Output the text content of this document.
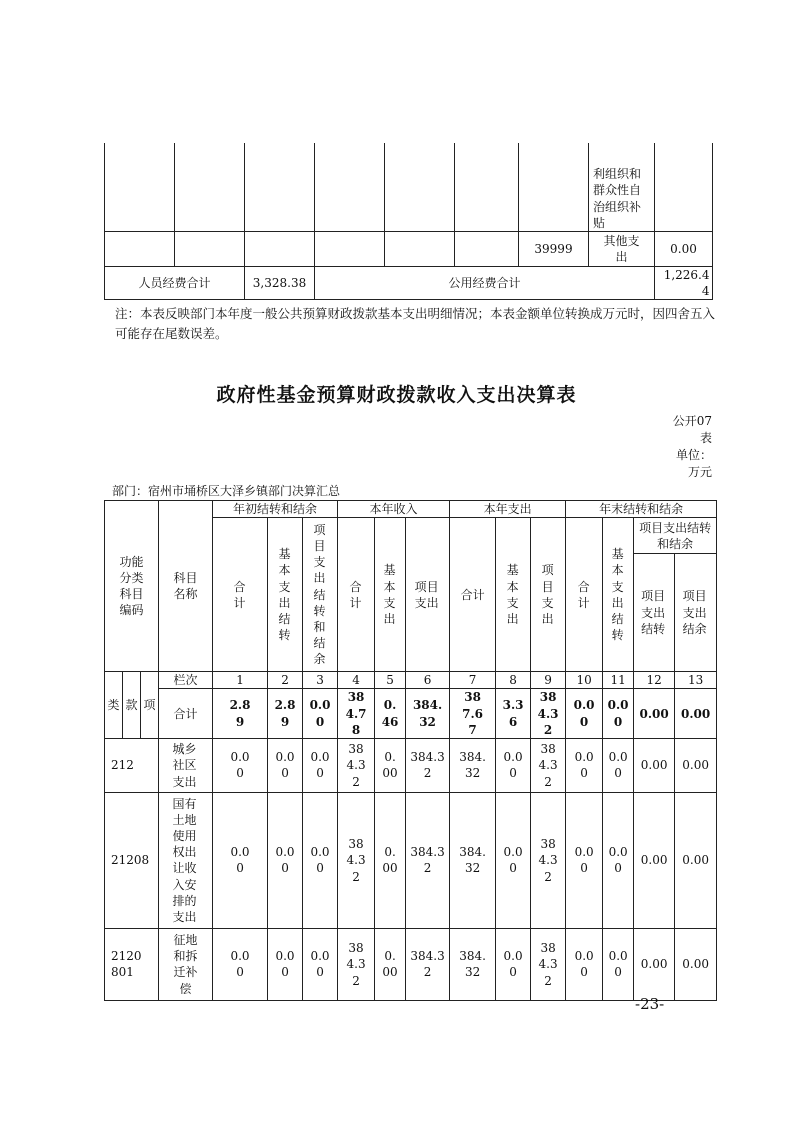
							利组织和群众性自治组织补贴	
						39999	其他支出	0.00
人员经费合计		3,328.38	公用经费合计					1,226.44
注：本表反映部门本年度一般公共预算财政拨款基本支出明细情况；本表金额单位转换成万元时，因四舍五入可能存在尾数误差。
政府性基金预算财政拨款收入支出决算表
公开07表
单位：万元
部门：宿州市埇桥区大泽乡镇部门决算汇总
功能分类科目编码			科目名称	年初结转和结余			本年收入			本年支出			年末结转和结余			
				合计	基本支出结转	项目支出结转和结余	合计	基本支出	项目支出	合计	基本支出	项目支出	合计	基本支出结转	项目支出结转和结余	
															项目支出结转	项目支出结余
类	款	项	栏次	1	2	3	4	5	6	7	8	9	10	11	12	13
			合计	2.89	2.89	0.00	384.78	0.46	384.32	387.67	3.36	384.32	0.00	0.00	0.00	0.00
212			城乡社区支出	0.00	0.00	0.00	384.32	0.00	384.32	384.32	0.00	384.32	0.00	0.00	0.00	0.00
21208			国有土地使用权出让收入安排的支出	0.00	0.00	0.00	384.32	0.00	384.32	384.32	0.00	384.32	0.00	0.00	0.00	0.00
2120801			征地和拆迁补偿	0.00	0.00	0.00	384.32	0.00	384.32	384.32	0.00	384.32	0.00	0.00	0.00	0.00
-23-
